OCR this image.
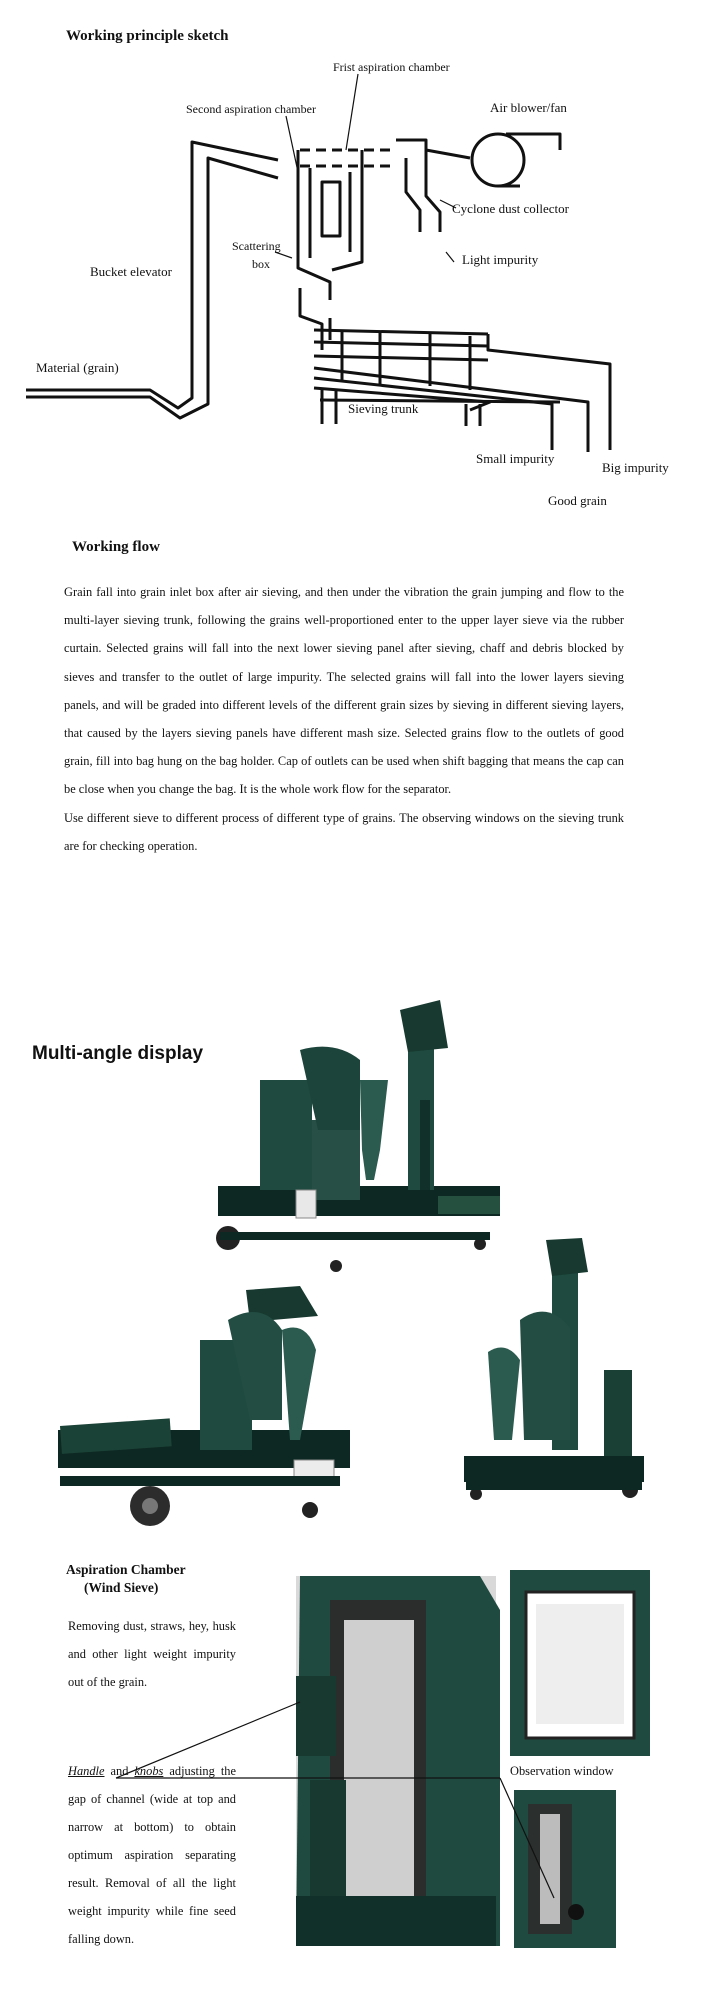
Working principle sketch
Frist aspiration chamber
Second aspiration chamber	Air blower/fan
Cyclone dust collector
Scattering
box	Light impurity
Bucket elevator
Material (grain)
Sieving trunk
Small impurity
Big impurity
Good grain
Working flow

Grain fall into grain inlet box after air sieving, and then under the vibration the grain jumping and flow to the multi-layer sieving trunk, following the grains well-proportioned enter to the upper layer sieve via the rubber curtain. Selected grains will fall into the next lower sieving panel after sieving, chaff and debris blocked by sieves and transfer to the outlet of large impurity. The selected grains will fall into the lower layers sieving panels, and will be graded into different levels of the different grain sizes by sieving in different sieving layers, that caused by the layers sieving panels have different mash size. Selected grains flow to the outlets of good grain, fill into bag hung on the bag holder. Cap of outlets can be used when shift bagging that means the cap can be close when you change the bag. It is the whole work flow for the separator.

Use different sieve to different process of different type of grains. The observing windows on the sieving trunk are for checking operation.

Multi-angle display
Aspiration Chamber
(Wind Sieve)

Removing dust, straws, hey, husk and other light weight impurity out of the grain.

Handle and knobs adjusting the gap of channel (wide at top and narrow at bottom) to obtain optimum aspiration separating result. Removal of all the light weight impurity while fine seed falling down.

Observation window
